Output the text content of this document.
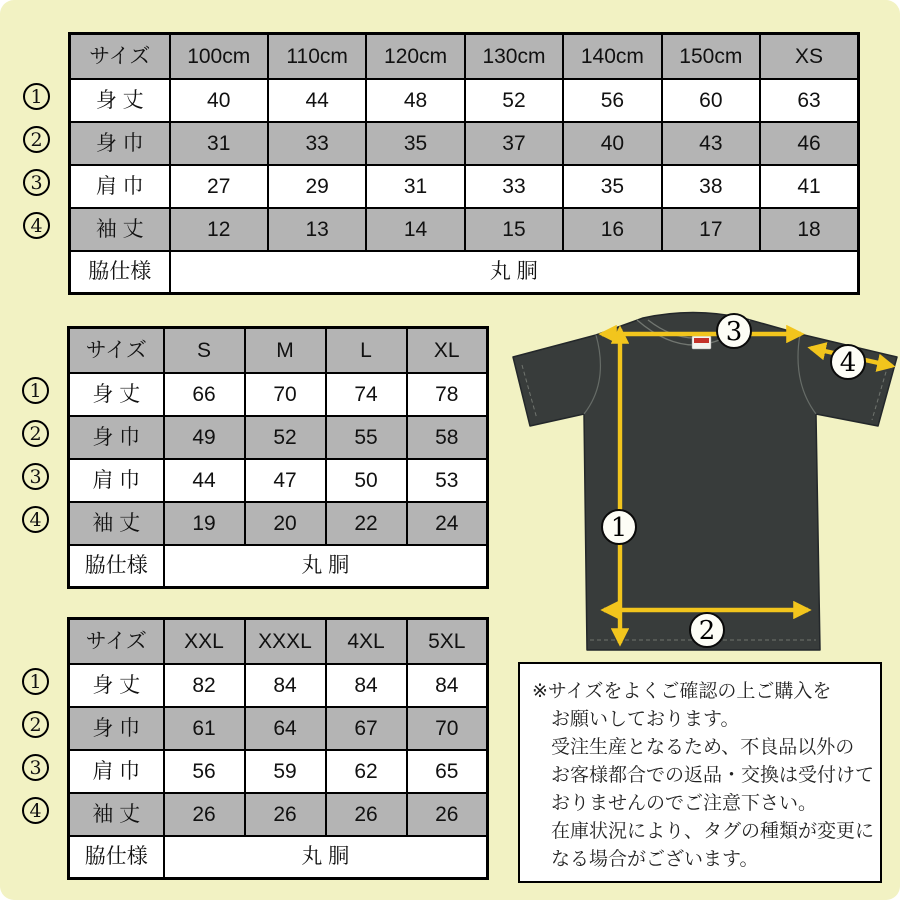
1
2
3
4
サイズ	100cm	110cm	120cm	130cm	140cm	150cm	XS
身 丈	40	44	48	52	56	60	63
身 巾	31	33	35	37	40	43	46
肩 巾	27	29	31	33	35	38	41
袖 丈	12	13	14	15	16	17	18
脇仕様	丸 胴						
1
2
3
4
サイズ	S	M	L	XL
身 丈	66	70	74	78
身 巾	49	52	55	58
肩 巾	44	47	50	53
袖 丈	19	20	22	24
脇仕様	丸 胴			
1
2
3
4
サイズ	XXL	XXXL	4XL	5XL
身 丈	82	84	84	84
身 巾	61	64	67	70
肩 巾	56	59	62	65
袖 丈	26	26	26	26
脇仕様	丸 胴			
1
2
3
4

※サイズをよくご確認の上ご購入を

お願いしております。

受注生産となるため、不良品以外の

お客様都合での返品・交換は受付けて

おりませんのでご注意下さい。

在庫状況により、タグの種類が変更に

なる場合がございます。
